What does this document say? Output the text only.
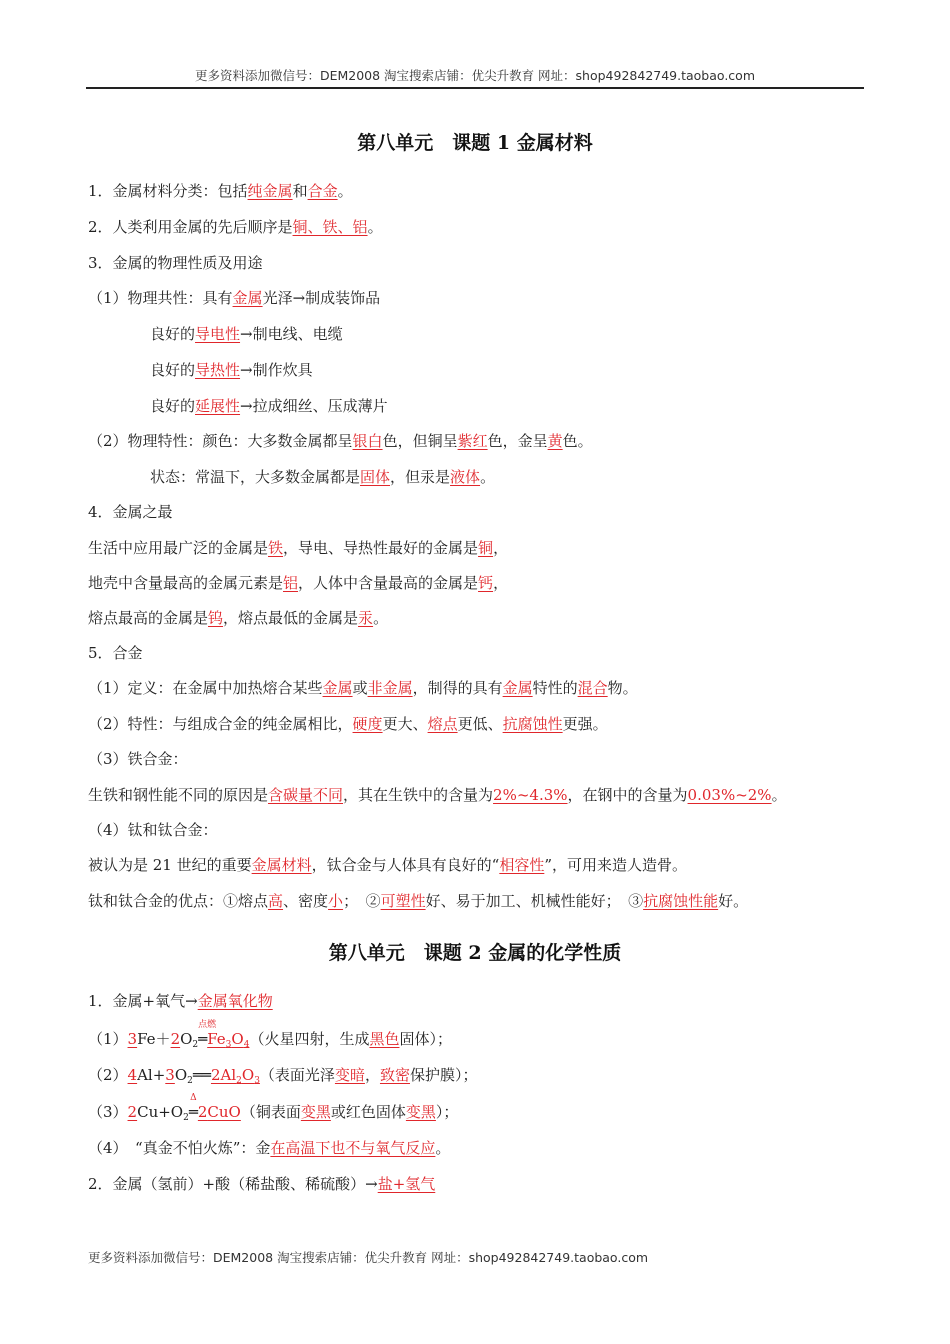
更多资料添加微信号：DEM2008 淘宝搜索店铺：优尖升教育 网址：shop492842749.taobao.com
第八单元　课题 1 金属材料
1．金属材料分类：包括纯金属和合金。
2．人类利用金属的先后顺序是铜、铁、铝。
3．金属的物理性质及用途
（1）物理共性：具有金属光泽→制成装饰品
良好的导电性→制电线、电缆
良好的导热性→制作炊具
良好的延展性→拉成细丝、压成薄片
（2）物理特性：颜色：大多数金属都呈银白色，但铜呈紫红色，金呈黄色。
状态：常温下，大多数金属都是固体，但汞是液体。
4．金属之最
生活中应用最广泛的金属是铁，导电、导热性最好的金属是铜，
地壳中含量最高的金属元素是铝，人体中含量最高的金属是钙，
熔点最高的金属是钨，熔点最低的金属是汞。
5．合金
（1）定义：在金属中加热熔合某些金属或非金属，制得的具有金属特性的混合物。
（2）特性：与组成合金的纯金属相比，硬度更大、熔点更低、抗腐蚀性更强。
（3）铁合金：
生铁和钢性能不同的原因是含碳量不同，其在生铁中的含量为2%~4.3%，在钢中的含量为0.03%~2%。
（4）钛和钛合金：
被认为是 21 世纪的重要金属材料，钛合金与人体具有良好的“相容性”，可用来造人造骨。
钛和钛合金的优点：①熔点高、密度小；　②可塑性好、易于加工、机械性能好；　③抗腐蚀性能好。
第八单元　课题 2 金属的化学性质
1．金属+氧气→金属氧化物
$(1)3Fe+2O_2$
点燃
$═Fe_3O_4$（火星四射，生成黑色固体）；
$(2)4Al+3O_2══2Al_2O_3$（表面光泽变暗，致密保护膜）；
$(3)2Cu+O_2$
Δ
═2CuO（铜表面变黑或红色固体变黑）；
（4）　“真金不怕火炼”：金在高温下也不与氧气反应。
2．金属（氢前）+酸（稀盐酸、稀硫酸）→盐+氢气
更多资料添加微信号：DEM2008 淘宝搜索店铺：优尖升教育 网址：shop492842749.taobao.com
